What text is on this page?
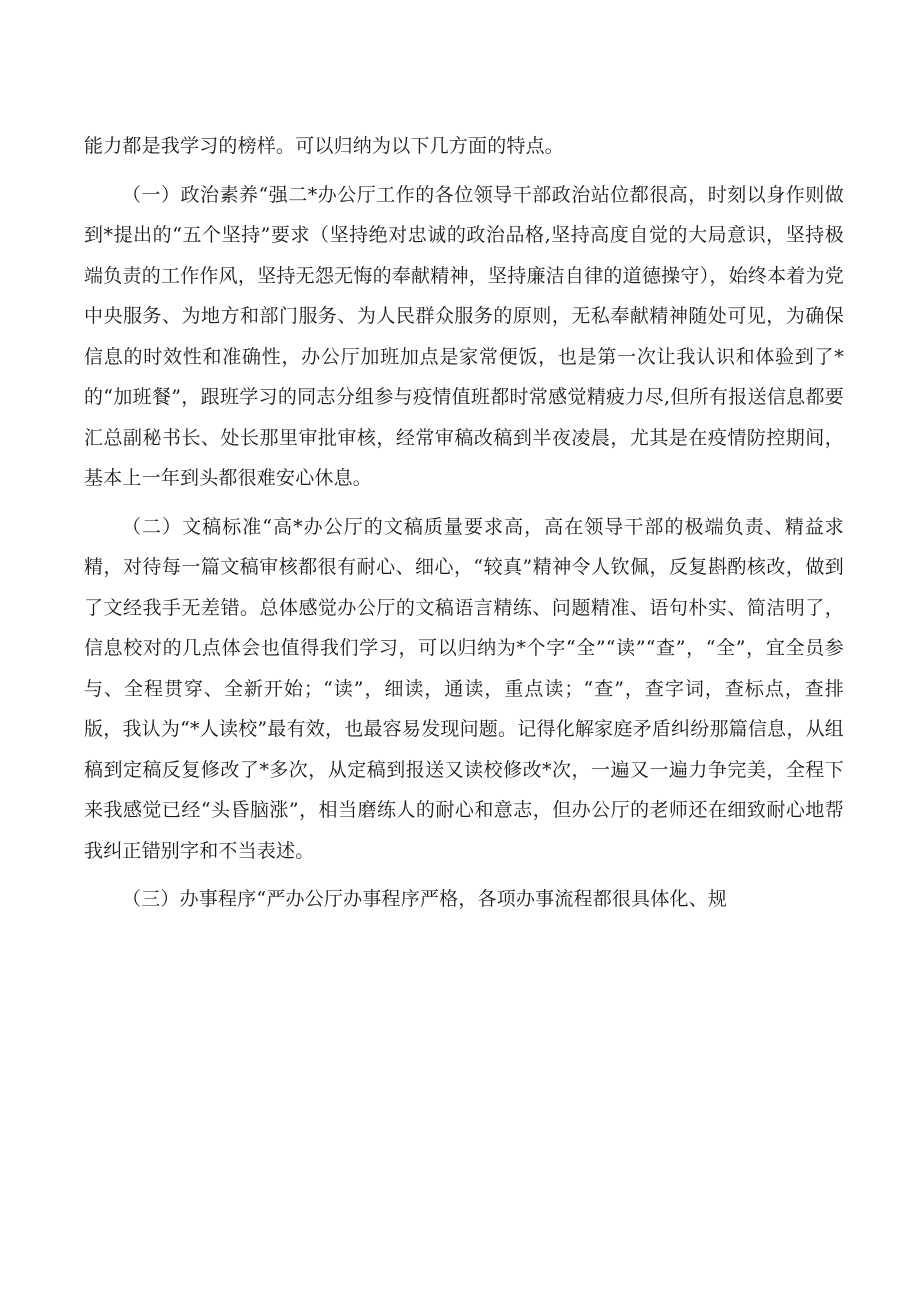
能力都是我学习的榜样。可以归纳为以下几方面的特点。

（一）政治素养“强二*办公厅工作的各位领导干部政治站位都很高，时刻以身作则做到*提出的“五个坚持”要求（坚持绝对忠诚的政治品格,坚持高度自觉的大局意识，坚持极端负责的工作作风，坚持无怨无悔的奉献精神，坚持廉洁自律的道德操守），始终本着为党中央服务、为地方和部门服务、为人民群众服务的原则，无私奉献精神随处可见，为确保信息的时效性和准确性，办公厅加班加点是家常便饭，也是第一次让我认识和体验到了*的“加班餐”，跟班学习的同志分组参与疫情值班都时常感觉精疲力尽,但所有报送信息都要汇总副秘书长、处长那里审批审核，经常审稿改稿到半夜凌晨，尤其是在疫情防控期间，基本上一年到头都很难安心休息。

（二）文稿标准“高*办公厅的文稿质量要求高，高在领导干部的极端负责、精益求精，对待每一篇文稿审核都很有耐心、细心，“较真”精神令人钦佩，反复斟酌核改，做到了文经我手无差错。总体感觉办公厅的文稿语言精练、问题精准、语句朴实、简洁明了，信息校对的几点体会也值得我们学习，可以归纳为*个字“全”“读”“查”，“全”，宜全员参与、全程贯穿、全新开始；“读”，细读，通读，重点读；“查”，查字词，查标点，查排版，我认为“*人读校”最有效，也最容易发现问题。记得化解家庭矛盾纠纷那篇信息，从组稿到定稿反复修改了*多次，从定稿到报送又读校修改*次，一遍又一遍力争完美，全程下来我感觉已经“头昏脑涨”，相当磨练人的耐心和意志，但办公厅的老师还在细致耐心地帮我纠正错别字和不当表述。

（三）办事程序“严办公厅办事程序严格，各项办事流程都很具体化、规
